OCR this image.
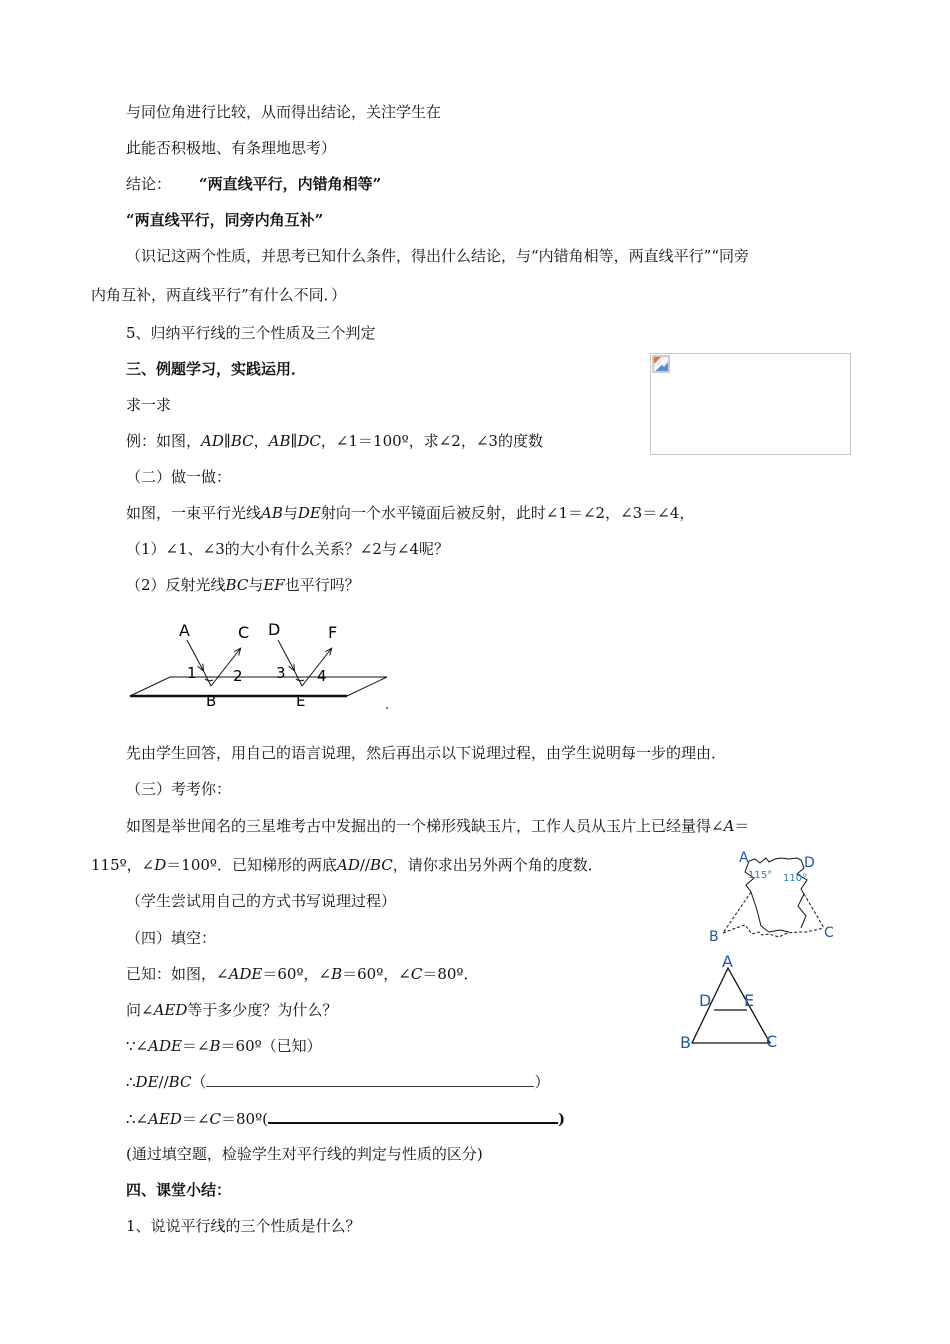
与同位角进行比较，从而得出结论，关注学生在
此能否积极地、有条理地思考）
结论： “两直线平行，内错角相等”
“两直线平行，同旁内角互补”
（识记这两个性质，并思考已知什么条件，得出什么结论，与“内错角相等，两直线平行”“同旁
内角互补，两直线平行”有什么不同．）
5、归纳平行线的三个性质及三个判定
三、例题学习，实践运用．
求一求
例：如图，AD∥BC，AB∥DC，∠1＝100º，求∠2，∠3的度数
（二）做一做：
如图，一束平行光线AB与DE射向一个水平镜面后被反射，此时∠1＝∠2，∠3＝∠4，
（1）∠1、∠3的大小有什么关系？∠2与∠4呢？
（2）反射光线BC与EF也平行吗？
A	C D	F
1 2 3 4
B	E
先由学生回答，用自己的语言说理，然后再出示以下说理过程，由学生说明每一步的理由．
（三）考考你：
如图是举世闻名的三星堆考古中发掘出的一个梯形残缺玉片，工作人员从玉片上已经量得∠A＝
115º，∠D＝100º．已知梯形的两底AD//BC，请你求出另外两个角的度数．	A	D
B	C
115° 110°
（学生尝试用自己的方式书写说理过程）
（四）填空：
已知：如图，∠ADE＝60º，∠B＝60º，∠C＝80º．
问∠AED等于多少度？为什么？
A
D E
B	C
∵∠ADE＝∠B＝60º（已知）
∴DE//BC（	）
∴∠AED＝∠C＝80º(	)
(通过填空题，检验学生对平行线的判定与性质的区分)
四、课堂小结：
1、说说平行线的三个性质是什么？
